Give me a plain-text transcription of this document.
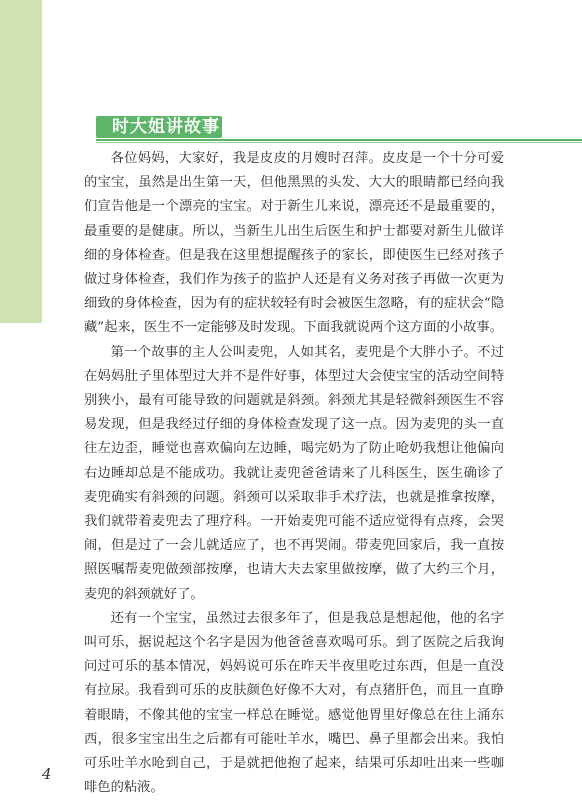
时大姐讲故事

各位妈妈，大家好，我是皮皮的月嫂时召萍。皮皮是一个十分可爱的宝宝，虽然是出生第一天，但他黑黑的头发、大大的眼睛都已经向我们宣告他是一个漂亮的宝宝。对于新生儿来说，漂亮还不是最重要的，最重要的是健康。所以，当新生儿出生后医生和护士都要对新生儿做详细的身体检查。但是我在这里想提醒孩子的家长，即使医生已经对孩子做过身体检查，我们作为孩子的监护人还是有义务对孩子再做一次更为细致的身体检查，因为有的症状较轻有时会被医生忽略，有的症状会“隐藏”起来，医生不一定能够及时发现。下面我就说两个这方面的小故事。

第一个故事的主人公叫麦兜，人如其名，麦兜是个大胖小子。不过在妈妈肚子里体型过大并不是件好事，体型过大会使宝宝的活动空间特别狭小，最有可能导致的问题就是斜颈。斜颈尤其是轻微斜颈医生不容易发现，但是我经过仔细的身体检查发现了这一点。因为麦兜的头一直往左边歪，睡觉也喜欢偏向左边睡，喝完奶为了防止呛奶我想让他偏向右边睡却总是不能成功。我就让麦兜爸爸请来了儿科医生，医生确诊了麦兜确实有斜颈的问题。斜颈可以采取非手术疗法，也就是推拿按摩，我们就带着麦兜去了理疗科。一开始麦兜可能不适应觉得有点疼，会哭闹，但是过了一会儿就适应了，也不再哭闹。带麦兜回家后，我一直按照医嘱帮麦兜做颈部按摩，也请大夫去家里做按摩，做了大约三个月，麦兜的斜颈就好了。

还有一个宝宝，虽然过去很多年了，但是我总是想起他，他的名字叫可乐，据说起这个名字是因为他爸爸喜欢喝可乐。到了医院之后我询问过可乐的基本情况，妈妈说可乐在昨天半夜里吃过东西，但是一直没有拉尿。我看到可乐的皮肤颜色好像不大对，有点猪肝色，而且一直睁着眼睛，不像其他的宝宝一样总在睡觉。感觉他胃里好像总在往上涌东西，很多宝宝出生之后都有可能吐羊水，嘴巴、鼻子里都会出来。我怕可乐吐羊水呛到自己，于是就把他抱了起来，结果可乐却吐出来一些咖啡色的粘液。

4
